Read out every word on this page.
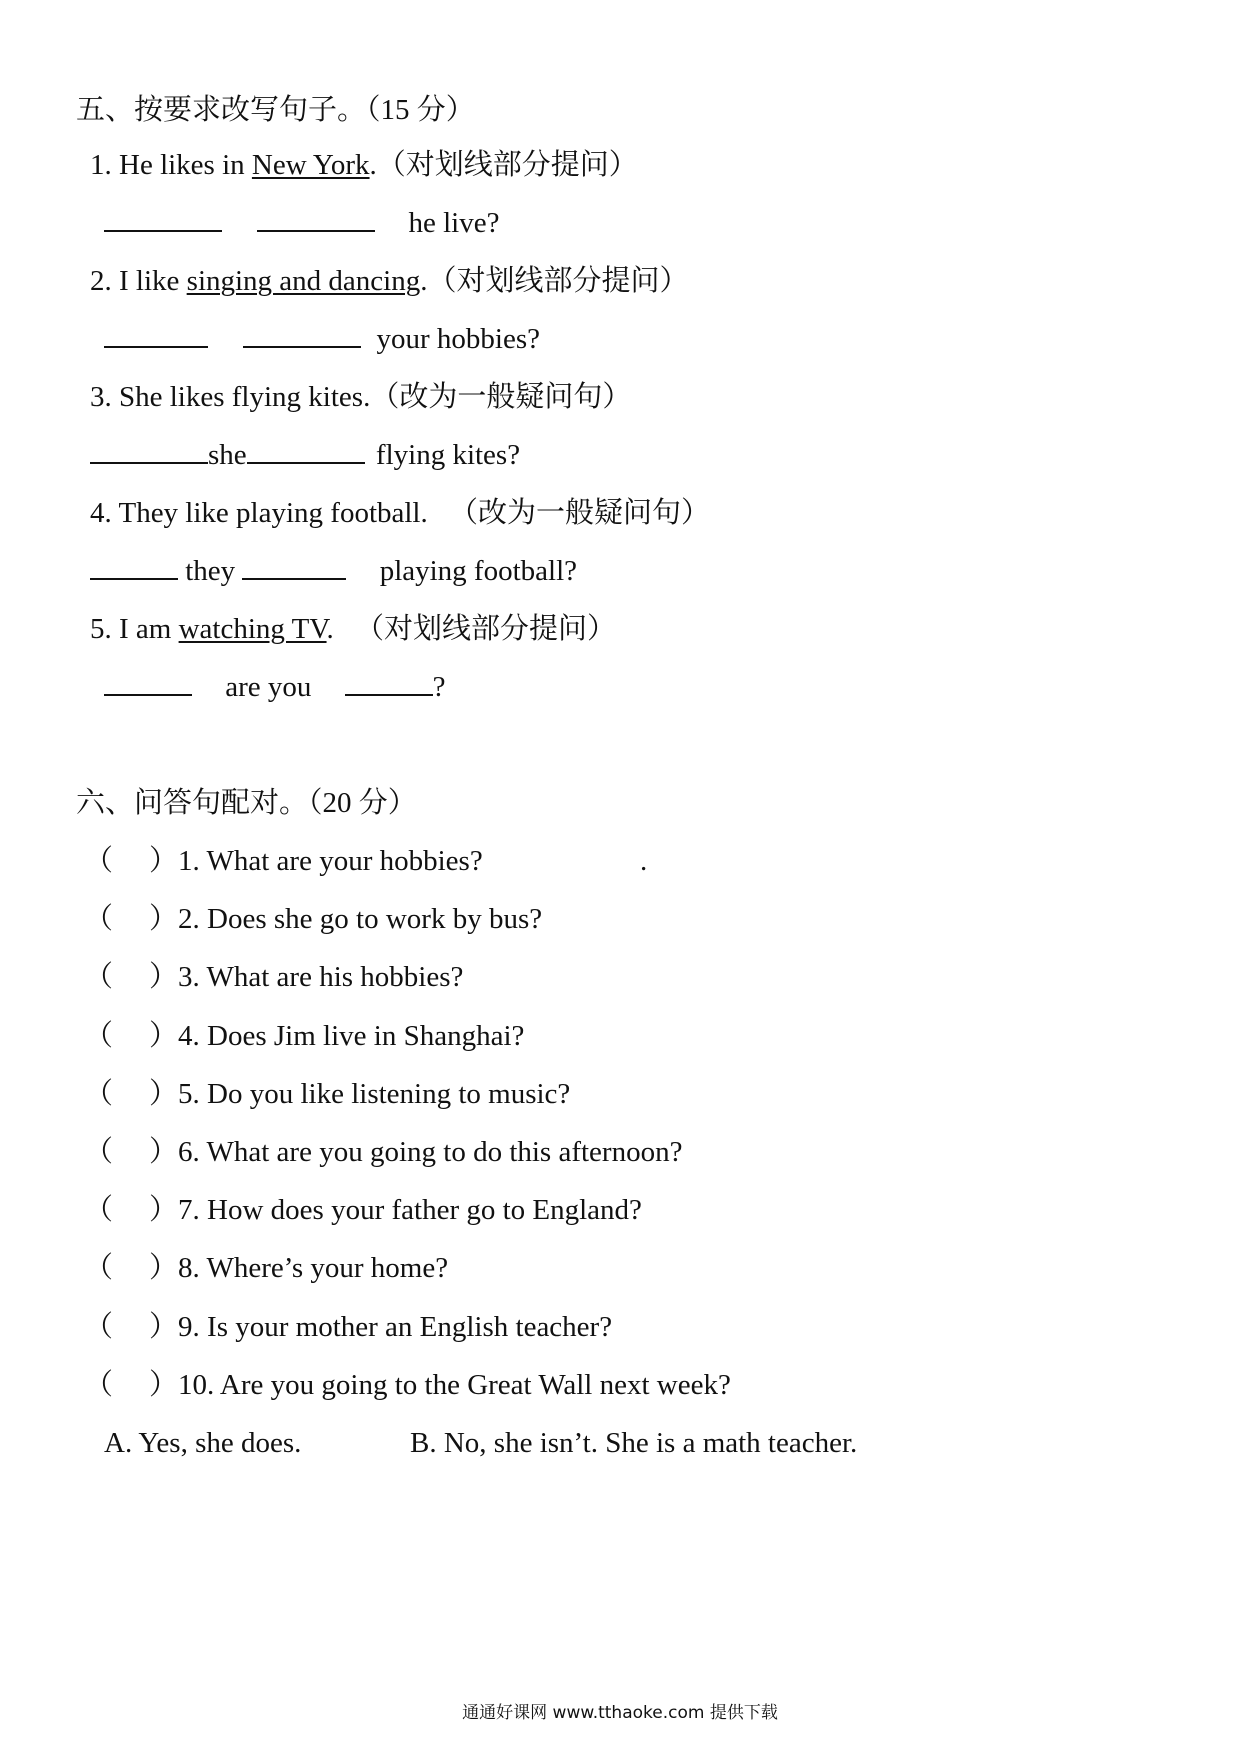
五、按要求改写句子。（15 分）
1. He likes in New York.（对划线部分提问）
he live?
2. I like singing and dancing.（对划线部分提问）
your hobbies?
3. She likes flying kites.（改为一般疑问句）
she	flying kites?
4. They like playing football. （改为一般疑问句）
they	playing football?
5. I am watching TV. （对划线部分提问）
are you	?
六、问答句配对。（20 分）
（ ）1. What are your hobbies?
（ ）2. Does she go to work by bus?
（ ）3. What are his hobbies?
（ ）4. Does Jim live in Shanghai?
（ ）5. Do you like listening to music?
（ ）6. What are you going to do this afternoon?
（ ）7. How does your father go to England?
（ ）8. Where’s your home?
（ ）9. Is your mother an English teacher?
（ ）10. Are you going to the Great Wall next week?
.
A. Yes, she does.	B. No, she isn’t. She is a math teacher.
通通好课网 www.tthaoke.com 提供下载
